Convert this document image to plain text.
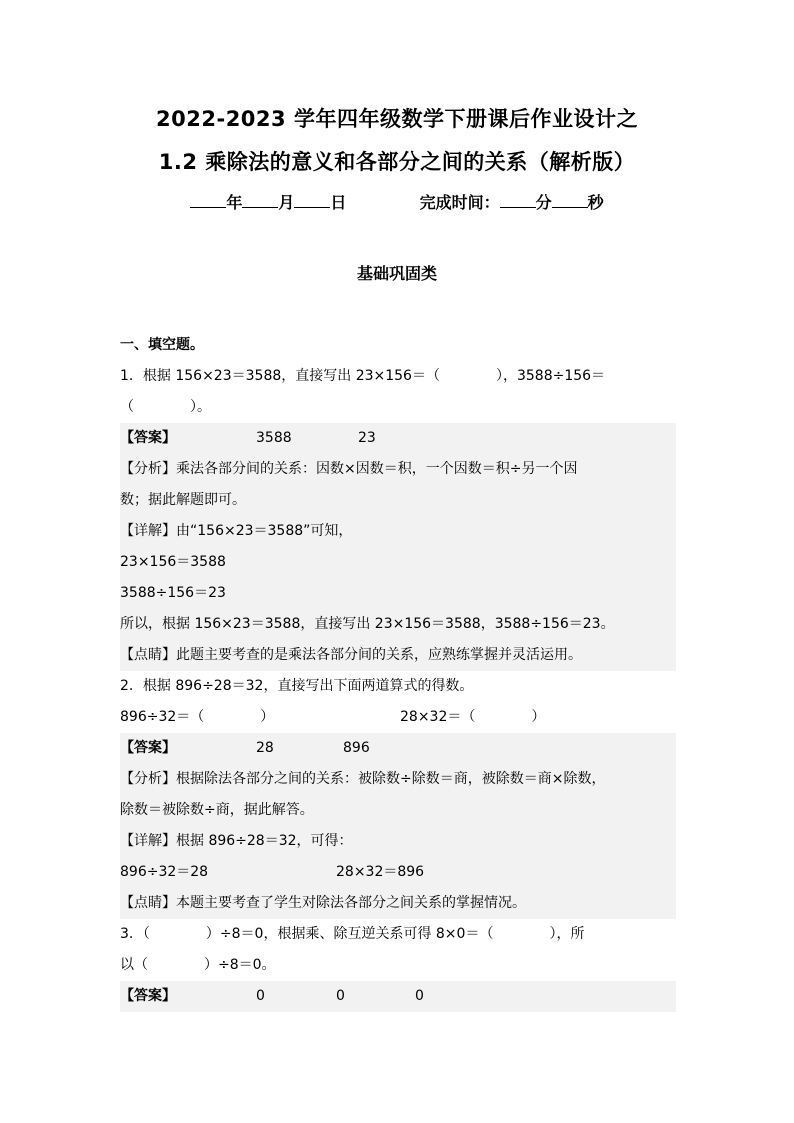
2022-2023 学年四年级数学下册课后作业设计之
1.2 乘除法的意义和各部分之间的关系（解析版）
年 月 日	完成时间： 分 秒
基础巩固类
一、填空题。
1．根据 156×23＝3588，直接写出 23×156＝（　　　　），3588÷156＝
（　　　　）。
【答案】	3588	23
【分析】乘法各部分间的关系：因数×因数＝积，一个因数＝积÷另一个因
数；据此解题即可。
【详解】由“156×23＝3588”可知，
23×156＝3588
3588÷156＝23
所以，根据 156×23＝3588，直接写出 23×156＝3588，3588÷156＝23。
【点睛】此题主要考查的是乘法各部分间的关系，应熟练掌握并灵活运用。
2．根据 896÷28＝32，直接写出下面两道算式的得数。
896÷32＝（　　　　）	28×32＝（　　　　）
【答案】	28	896
【分析】根据除法各部分之间的关系：被除数÷除数＝商，被除数＝商×除数，
除数＝被除数÷商，据此解答。
【详解】根据 896÷28＝32，可得：
896÷32＝28	28×32＝896
【点睛】本题主要考查了学生对除法各部分之间关系的掌握情况。
3．（　　　　）÷8＝0，根据乘、除互逆关系可得 8×0＝（　　　　），所
以（　　　　）÷8＝0。
【答案】	0	0	0
